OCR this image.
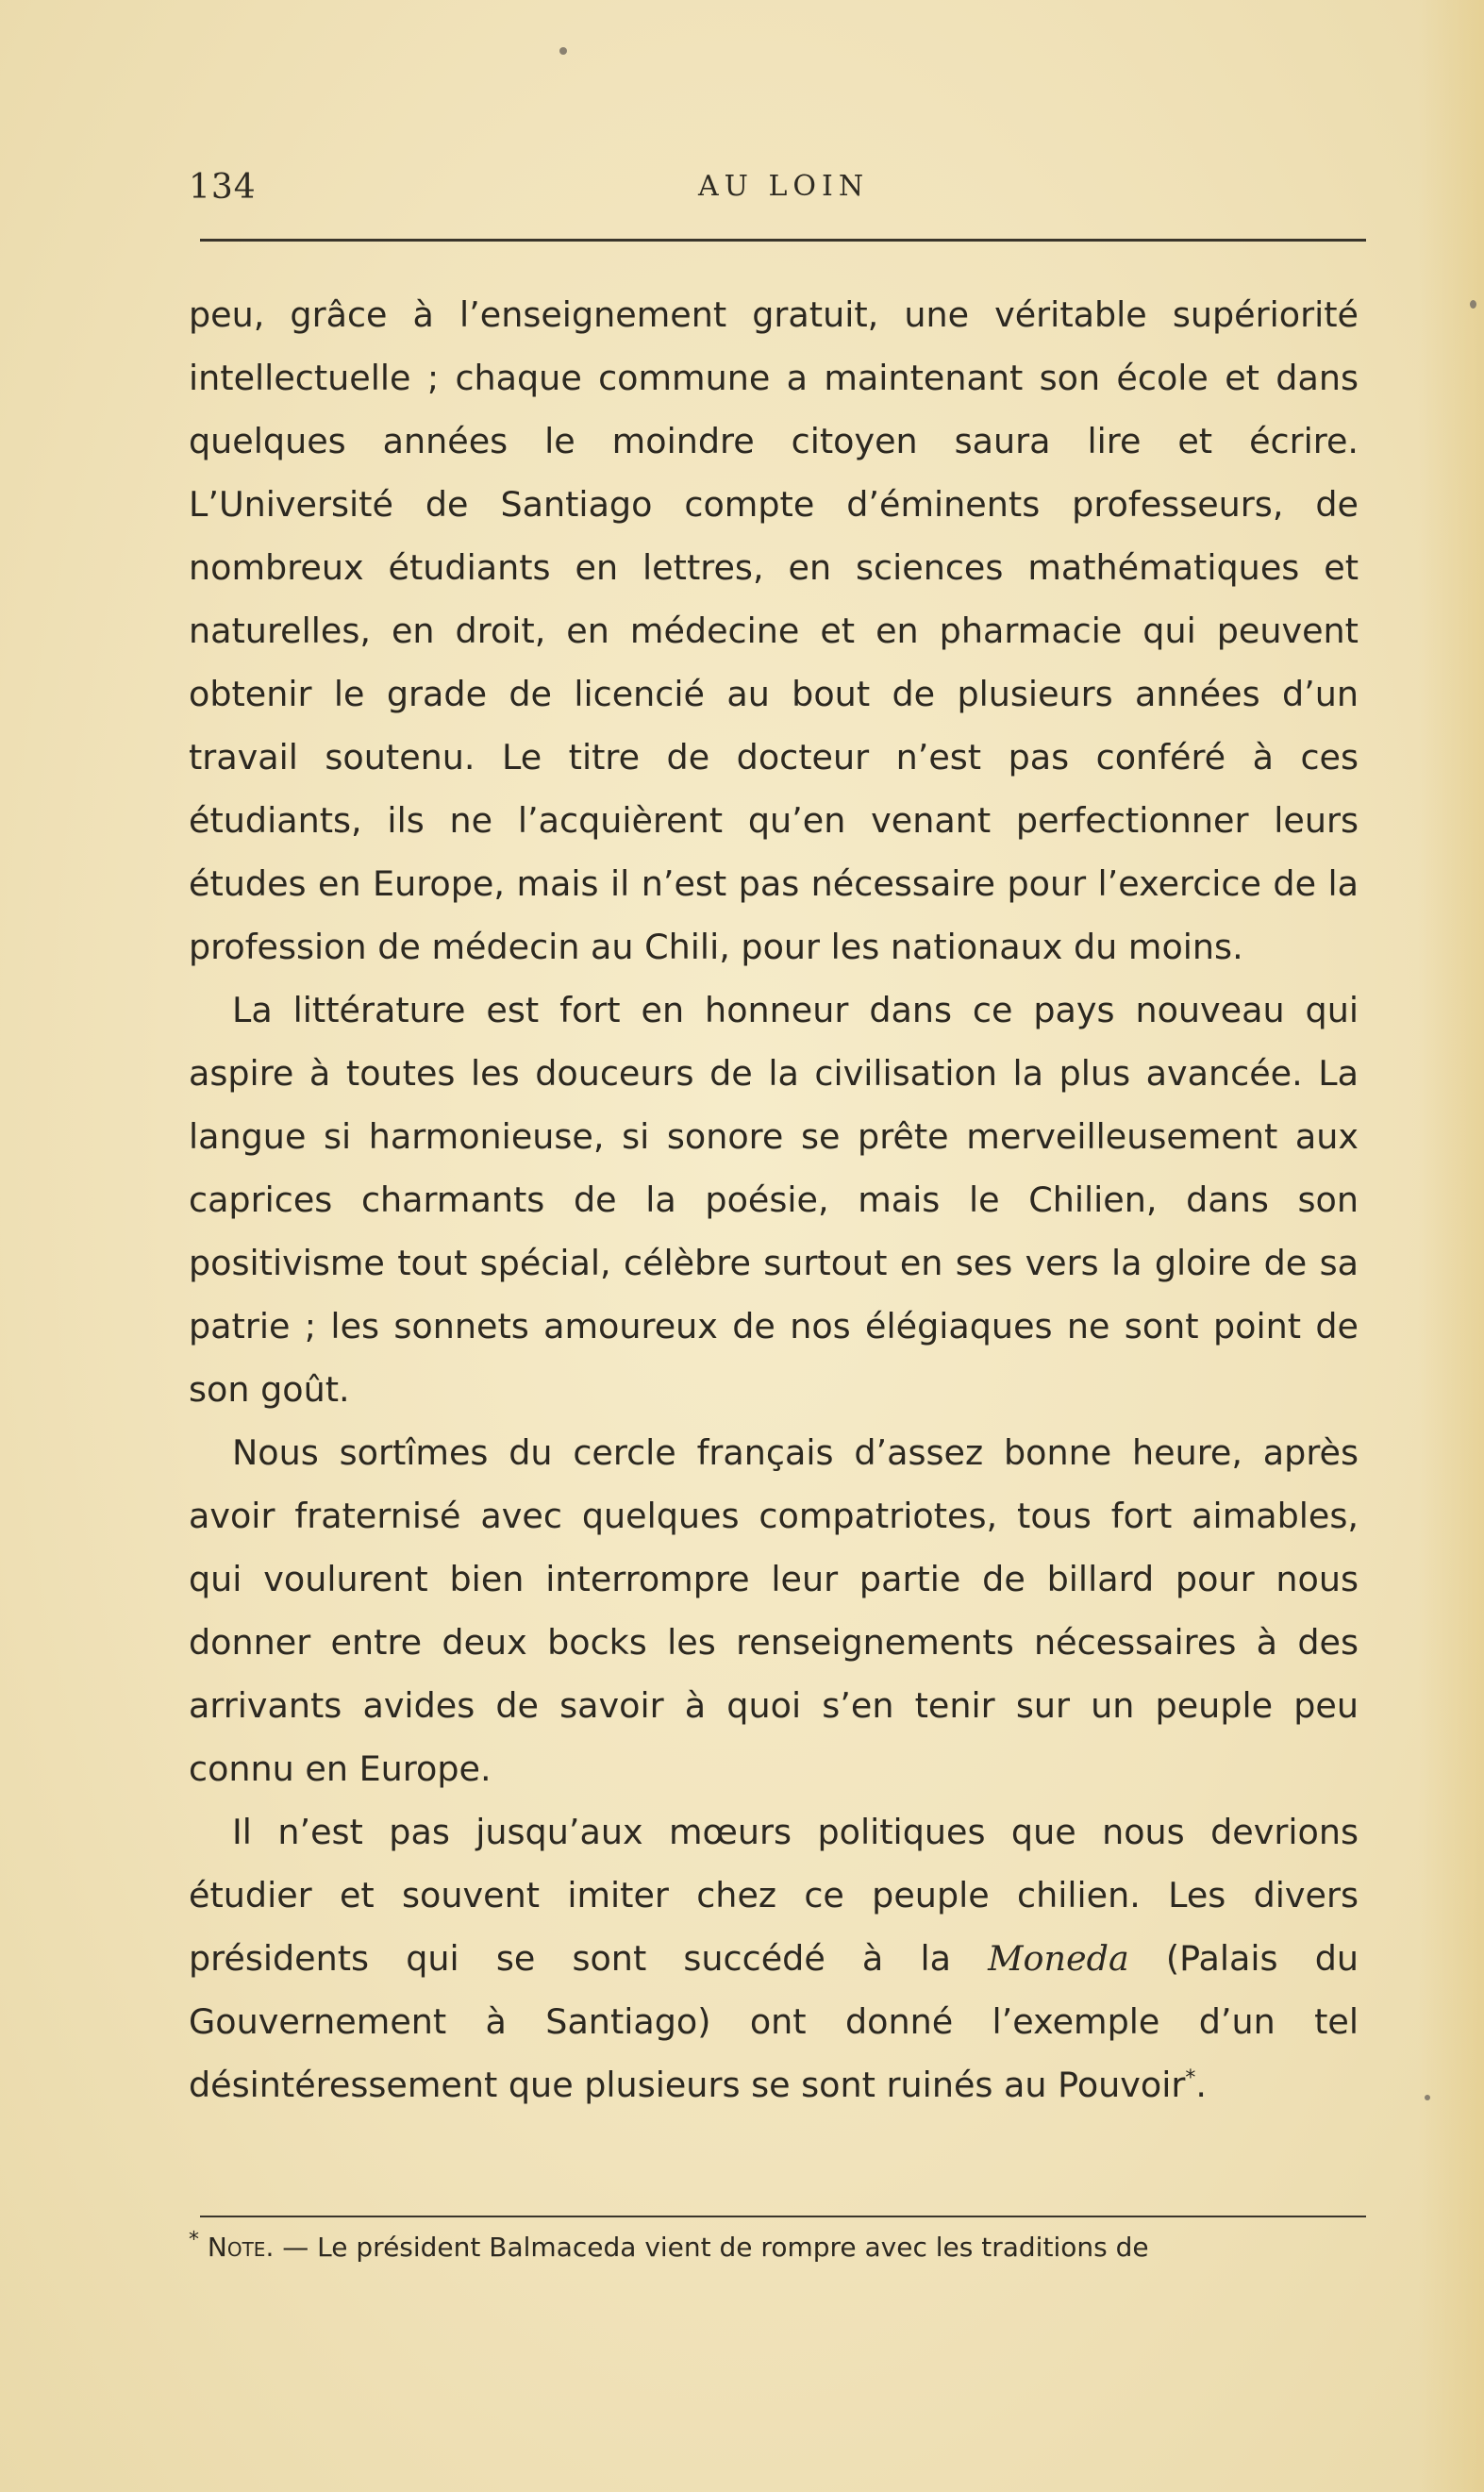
134	AU LOIN

peu, grâce à l’enseignement gratuit, une véritable supériorité intellectuelle ; chaque commune a maintenant son école et dans quelques années le moindre citoyen saura lire et écrire. L’Université de Santiago compte d’éminents professeurs, de nombreux étudiants en lettres, en sciences mathématiques et naturelles, en droit, en médecine et en pharmacie qui peuvent obtenir le grade de licencié au bout de plusieurs années d’un travail soutenu. Le titre de docteur n’est pas conféré à ces étudiants, ils ne l’acquièrent qu’en venant perfectionner leurs études en Europe, mais il n’est pas nécessaire pour l’exercice de la profession de médecin au Chili, pour les nationaux du moins.

La littérature est fort en honneur dans ce pays nouveau qui aspire à toutes les douceurs de la civilisation la plus avancée. La langue si harmonieuse, si sonore se prête merveilleusement aux caprices charmants de la poésie, mais le Chilien, dans son positivisme tout spécial, célèbre surtout en ses vers la gloire de sa patrie ; les sonnets amoureux de nos élégiaques ne sont point de son goût.

Nous sortîmes du cercle français d’assez bonne heure, après avoir fraternisé avec quelques compatriotes, tous fort aimables, qui voulurent bien interrompre leur partie de billard pour nous donner entre deux bocks les renseignements nécessaires à des arrivants avides de savoir à quoi s’en tenir sur un peuple peu connu en Europe.

Il n’est pas jusqu’aux mœurs politiques que nous devrions étudier et souvent imiter chez ce peuple chilien. Les divers présidents qui se sont succédé à la Moneda (Palais du Gouvernement à Santiago) ont donné l’exemple d’un tel désintéressement que plusieurs se sont ruinés au Pouvoir*.

* Note. — Le président Balmaceda vient de rompre avec les traditions de
